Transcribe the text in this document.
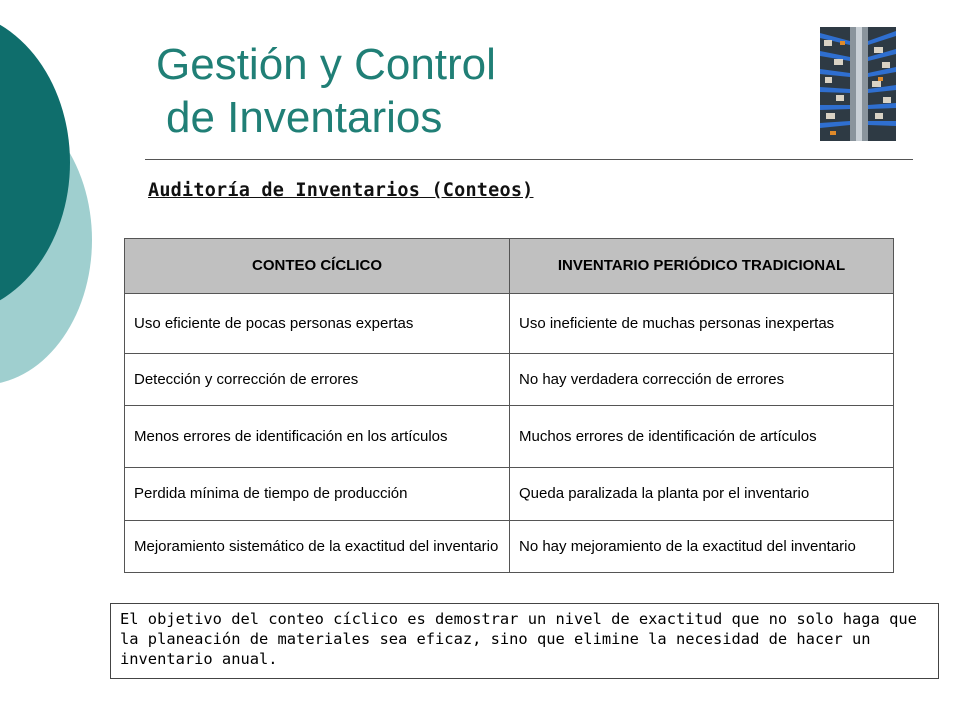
Gestión y Control
de Inventarios
Auditoría de Inventarios (Conteos)
CONTEO CÍCLICO	INVENTARIO PERIÓDICO TRADICIONAL
Uso eficiente de pocas personas expertas	Uso ineficiente de muchas personas inexpertas
Detección y corrección de errores	No hay verdadera corrección de errores
Menos errores de identificación en los artículos	Muchos errores de identificación de artículos
Perdida mínima de tiempo de producción	Queda paralizada la planta por el inventario
Mejoramiento sistemático de la exactitud del inventario	No hay mejoramiento de la exactitud del inventario
El objetivo del conteo cíclico es demostrar un nivel de exactitud que no solo haga que la planeación de materiales sea eficaz, sino que elimine la necesidad de hacer un inventario anual.
